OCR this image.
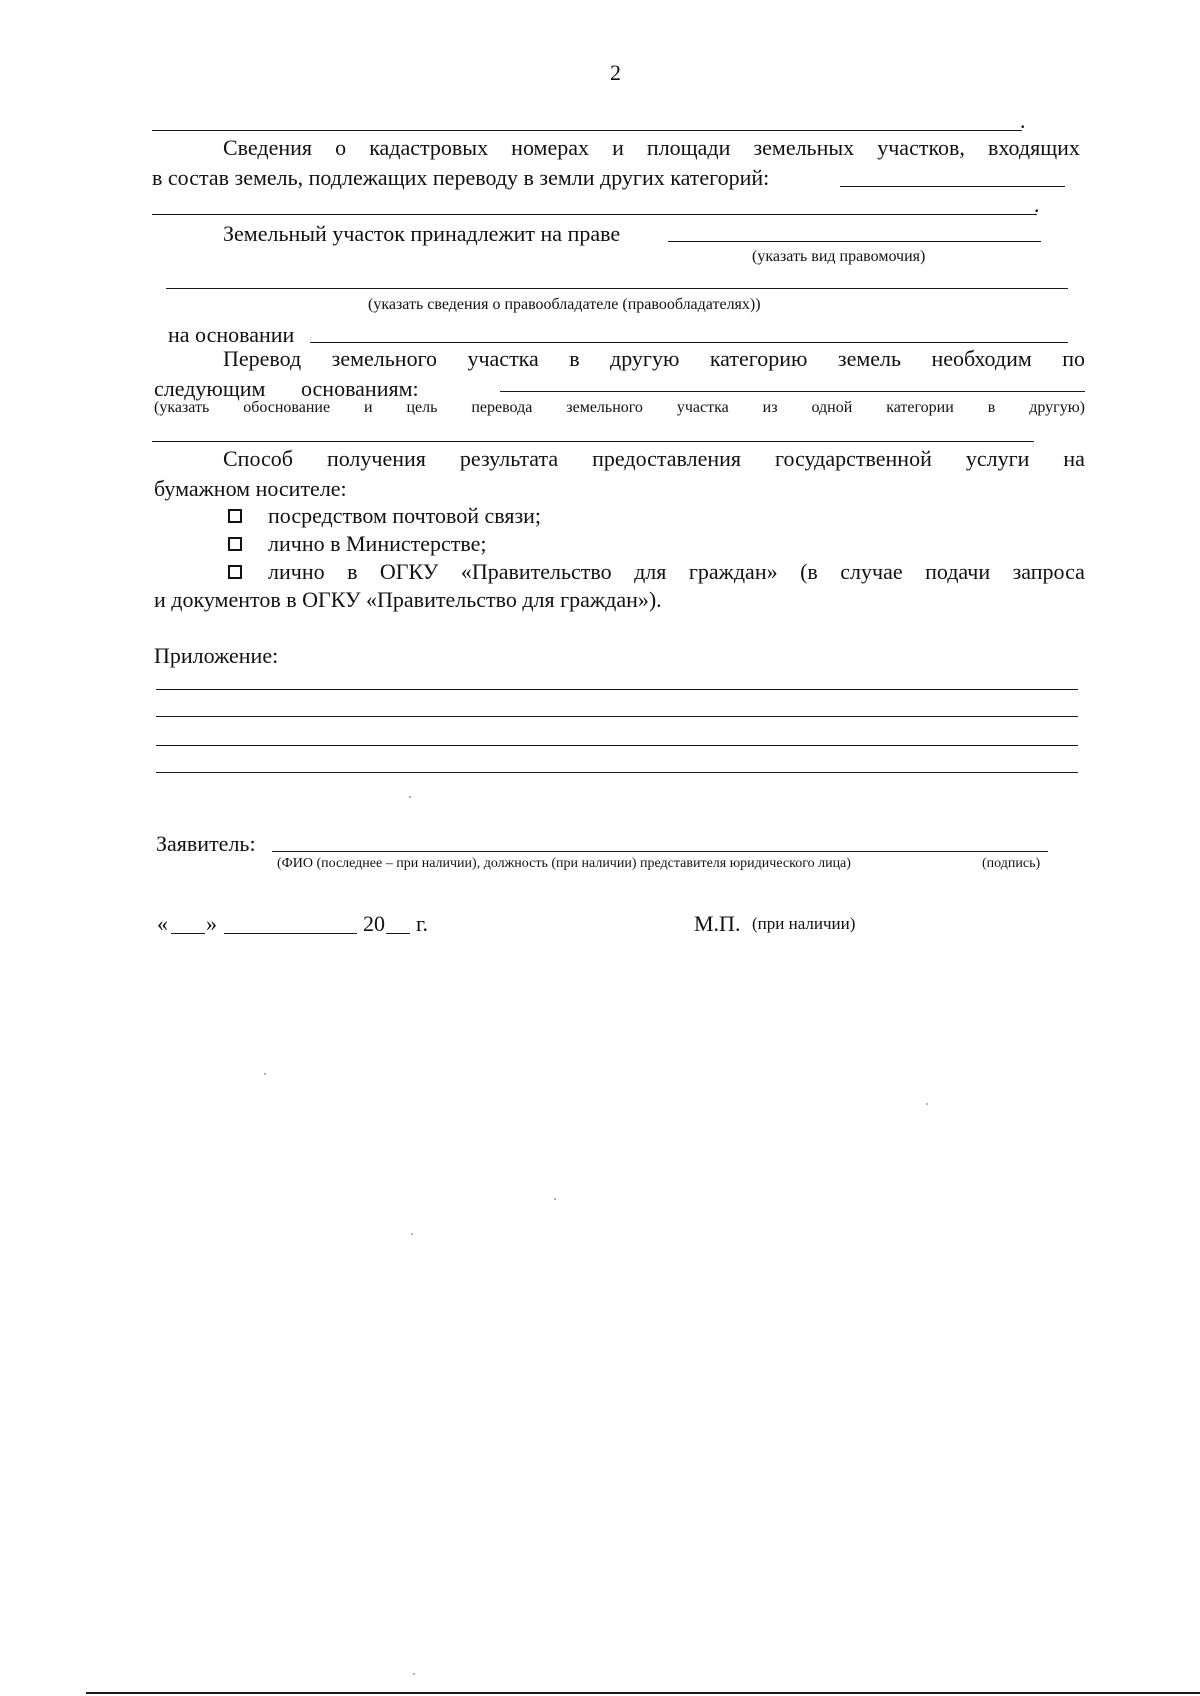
2
.
Сведения о кадастровых номерах и площади земельных участков, входящих
в состав земель, подлежащих переводу в земли других категорий:
.
Земельный участок принадлежит на праве
(указать вид правомочия)
(указать сведения о правообладателе (правообладателях))
на основании
Перевод земельного участка в другую категорию земель необходим по
следующим основаниям:
(указать обоснование и цель перевода земельного участка из одной категории в другую)
Способ получения результата предоставления государственной услуги на
бумажном носителе:
посредством почтовой связи;
лично в Министерстве;
лично в ОГКУ «Правительство для граждан» (в случае подачи запроса
и документов в ОГКУ «Правительство для граждан»).
Приложение:
Заявитель:
(ФИО (последнее – при наличии), должность (при наличии) представителя юридического лица)	(подпись)
« »	20 г.	М.П. (при наличии)
